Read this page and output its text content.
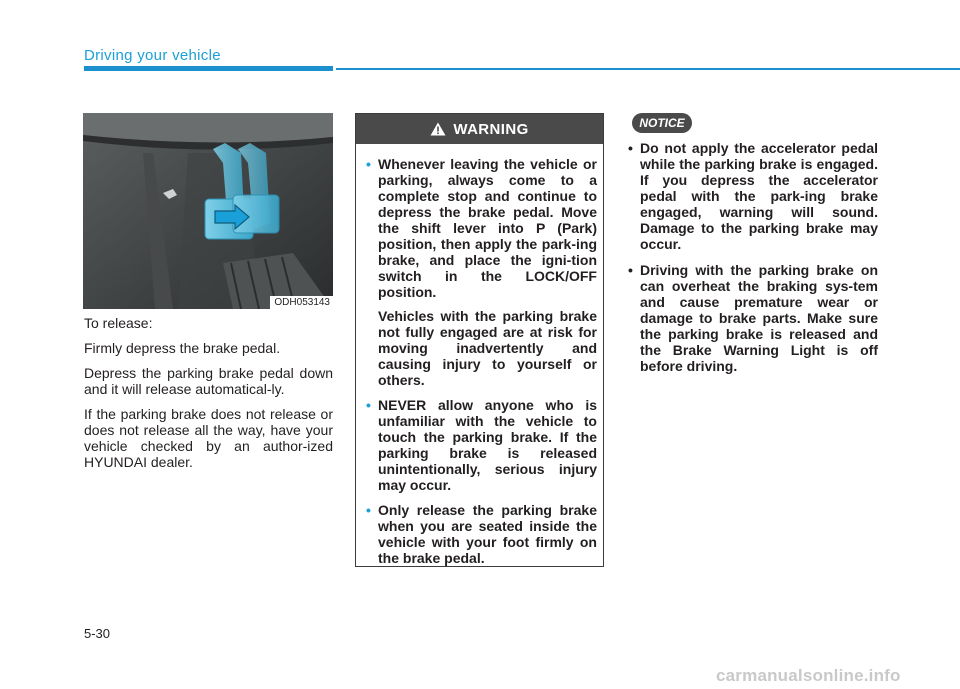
Driving your vehicle
ODH053143

To release:

Firmly depress the brake pedal.

Depress the parking brake pedal down and it will release automatical-ly.

If the parking brake does not release or does not release all the way, have your vehicle checked by an author-ized HYUNDAI dealer.

WARNING
• Whenever leaving the vehicle or parking, always come to a complete stop and continue to depress the brake pedal. Move the shift lever into P (Park) position, then apply the park-ing brake, and place the igni-tion switch in the LOCK/OFF position.

Vehicles with the parking brake not fully engaged are at risk for moving inadvertently and causing injury to yourself or others.

• NEVER allow anyone who is unfamiliar with the vehicle to touch the parking brake. If the parking brake is released unintentionally, serious injury may occur.

• Only release the parking brake when you are seated inside the vehicle with your foot firmly on the brake pedal.

NOTICE
• Do not apply the accelerator pedal while the parking brake is engaged. If you depress the accelerator pedal with the park-ing brake engaged, warning will sound. Damage to the parking brake may occur.
• Driving with the parking brake on can overheat the braking sys-tem and cause premature wear or damage to brake parts. Make sure the parking brake is released and the Brake Warning Light is off before driving.
5-30
carmanualsonline.info
